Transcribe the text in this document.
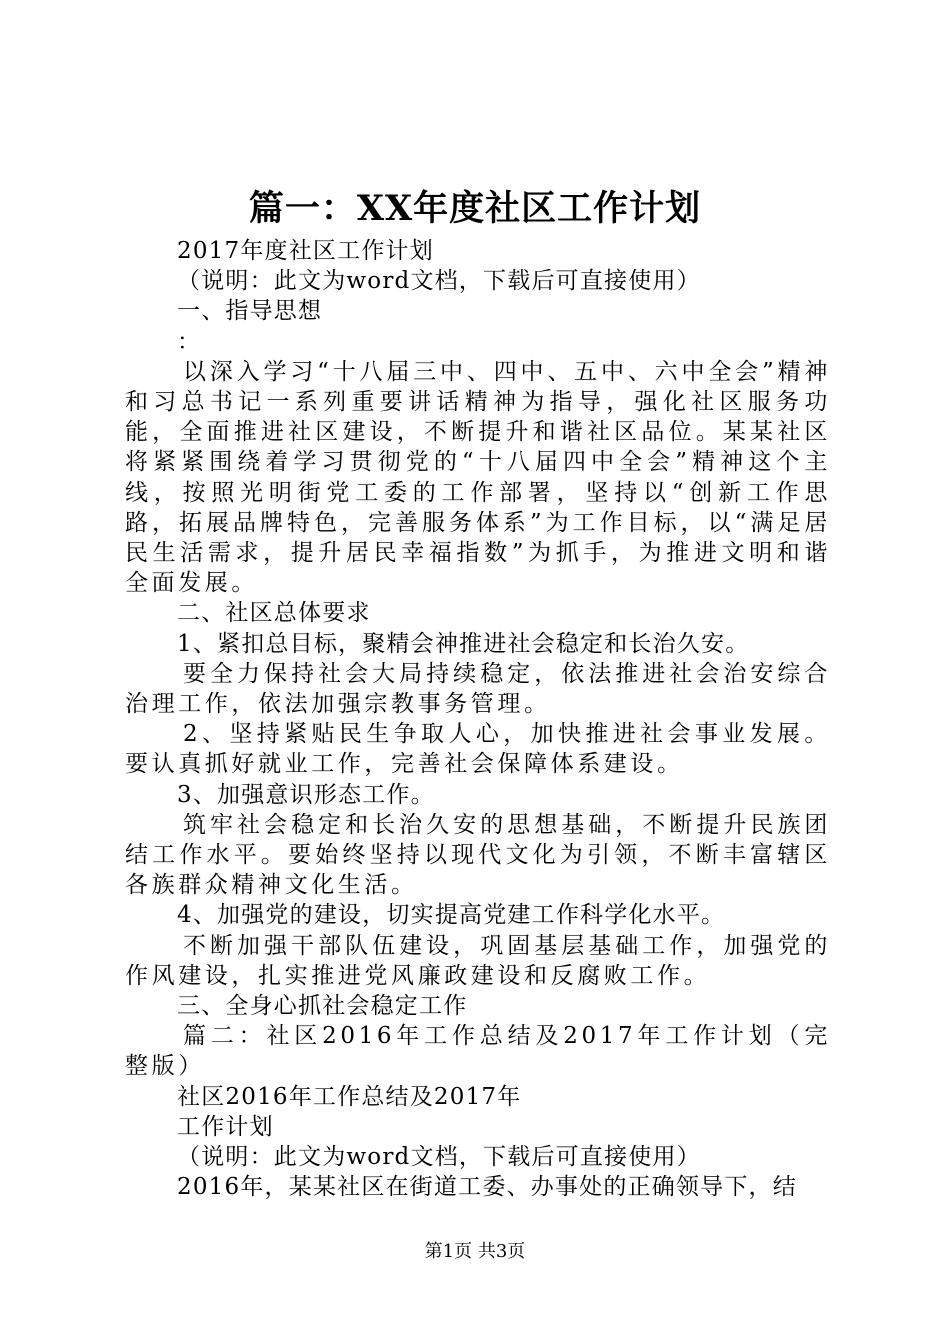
篇一：XX年度社区工作计划

2017年度社区工作计划

（说明：此文为word文档，下载后可直接使用）

一、指导思想

：

以深入学习“十八届三中、四中、五中、六中全会”精神和习总书记一系列重要讲话精神为指导，强化社区服务功能，全面推进社区建设，不断提升和谐社区品位。某某社区将紧紧围绕着学习贯彻党的“十八届四中全会”精神这个主线，按照光明街党工委的工作部署，坚持以“创新工作思路，拓展品牌特色，完善服务体系”为工作目标，以“满足居民生活需求，提升居民幸福指数”为抓手，为推进文明和谐全面发展。

二、社区总体要求

1、紧扣总目标，聚精会神推进社会稳定和长治久安。

要全力保持社会大局持续稳定，依法推进社会治安综合治理工作，依法加强宗教事务管理。

2、坚持紧贴民生争取人心，加快推进社会事业发展。要认真抓好就业工作，完善社会保障体系建设。

3、加强意识形态工作。

筑牢社会稳定和长治久安的思想基础，不断提升民族团结工作水平。要始终坚持以现代文化为引领，不断丰富辖区各族群众精神文化生活。

4、加强党的建设，切实提高党建工作科学化水平。

不断加强干部队伍建设，巩固基层基础工作，加强党的作风建设，扎实推进党风廉政建设和反腐败工作。

三、全身心抓社会稳定工作

篇二：社区2016年工作总结及2017年工作计划（完整版）

社区2016年工作总结及2017年

工作计划

（说明：此文为word文档，下载后可直接使用）

2016年，某某社区在街道工委、办事处的正确领导下，结

第1页 共3页
